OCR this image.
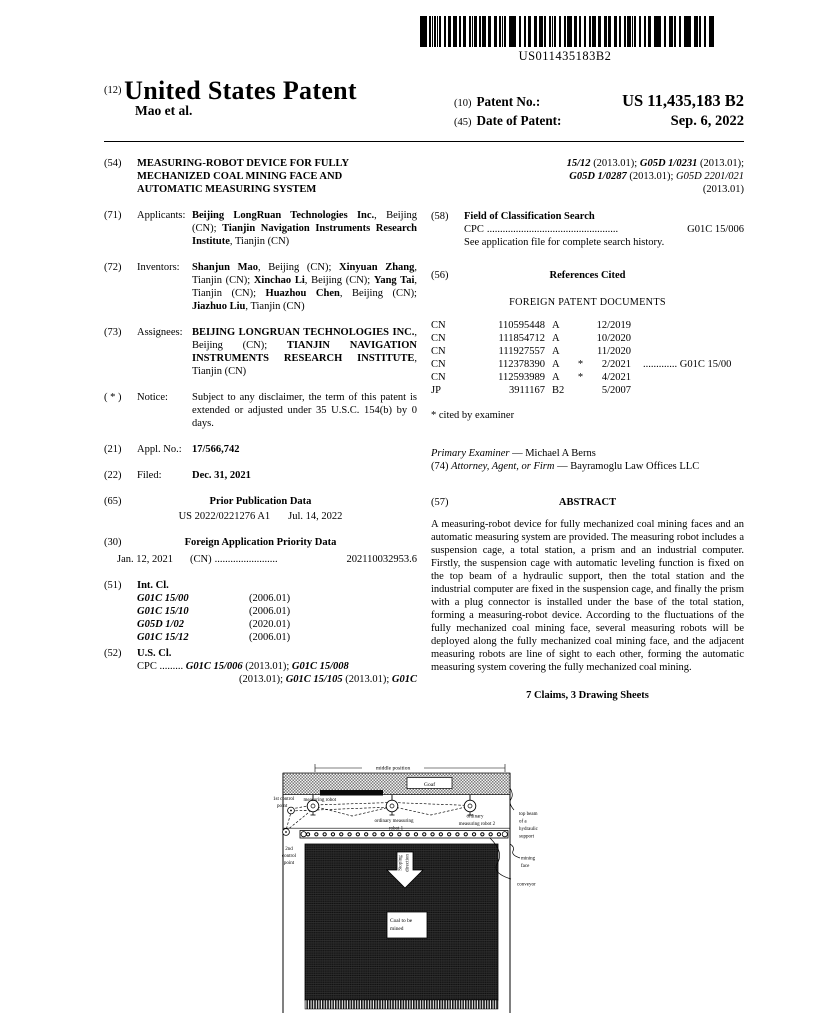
US011435183B2
(12) United States Patent
Mao et al.	(10) Patent No.:	US 11,435,183 B2
(45) Date of Patent:	Sep. 6, 2022
(54)	MEASURING-ROBOT DEVICE FOR FULLY MECHANIZED COAL MINING FACE AND AUTOMATIC MEASURING SYSTEM
(71)	Applicants: Beijing LongRuan Technologies Inc., Beijing (CN); Tianjin Navigation Instruments Research Institute, Tianjin (CN)
(72)	Inventors:	Shanjun Mao, Beijing (CN); Xinyuan Zhang, Tianjin (CN); Xinchao Li, Beijing (CN); Yang Tai, Tianjin (CN); Huazhou Chen, Beijing (CN); Jiazhuo Liu, Tianjin (CN)
(73)	Assignees: BEIJING LONGRUAN TECHNOLOGIES INC., Beijing (CN); TIANJIN NAVIGATION INSTRUMENTS RESEARCH INSTITUTE, Tianjin (CN)
( * )	Notice:	Subject to any disclaimer, the term of this patent is extended or adjusted under 35 U.S.C. 154(b) by 0 days.
(21)	Appl. No.: 17/566,742
(22)	Filed:	Dec. 31, 2021
(65)	Prior Publication Data
US 2022/0221276 A1 Jul. 14, 2022
(30)	Foreign Application Priority Data
Jan. 12, 2021 (CN) ........................	202110032953.6
(51)	Int. Cl.
G01C 15/00	(2006.01)
G01C 15/10	(2006.01)
G05D 1/02	(2020.01)
G01C 15/12	(2006.01)
(52)	U.S. Cl.
CPC ......... G01C 15/006 (2013.01); G01C 15/008
(2013.01); G01C 15/105 (2013.01); G01C
15/12 (2013.01); G05D 1/0231 (2013.01);
G05D 1/0287 (2013.01); G05D 2201/021
(2013.01)
(58)	Field of Classification Search
CPC ..................................................	G01C 15/006
See application file for complete search history.
(56)	References Cited
FOREIGN PATENT DOCUMENTS
CN	110595448 A	12/2019
CN	111854712 A	10/2020
CN	111927557 A	11/2020
CN	112378390 A	*	2/2021	............. G01C 15/00
CN	112593989 A	*	4/2021
JP	3911167 B2	5/2007
* cited by examiner
Primary Examiner — Michael A Berns
(74) Attorney, Agent, or Firm — Bayramoglu Law Offices LLC
(57)	ABSTRACT
A measuring-robot device for fully mechanized coal mining faces and an automatic measuring system are provided. The measuring robot includes a suspension cage, a total station, a prism and an industrial computer. Firstly, the suspension cage with automatic leveling function is fixed on the top beam of a hydraulic support, then the total station and the industrial computer are fixed in the suspension cage, and finally the prism with a plug connector is installed under the base of the total station, forming a measuring-robot device. According to the fluctuations of the fully mechanized coal mining face, several measuring robots will be deployed along the fully mechanized coal mining face, and the adjacent measuring robots are line of sight to each other, forming the automatic measuring system covering the fully mechanized coal mining.
7 Claims, 3 Drawing Sheets
Goaf
middle position
Stoping direction
Coal to be
mined
1st control
point
measuring robot
ordinary measuring
robot 1
ordinary
measuring robot 2
2nd
control
point
top beam
of a
hydraulic
support
mining
face
conveyor
